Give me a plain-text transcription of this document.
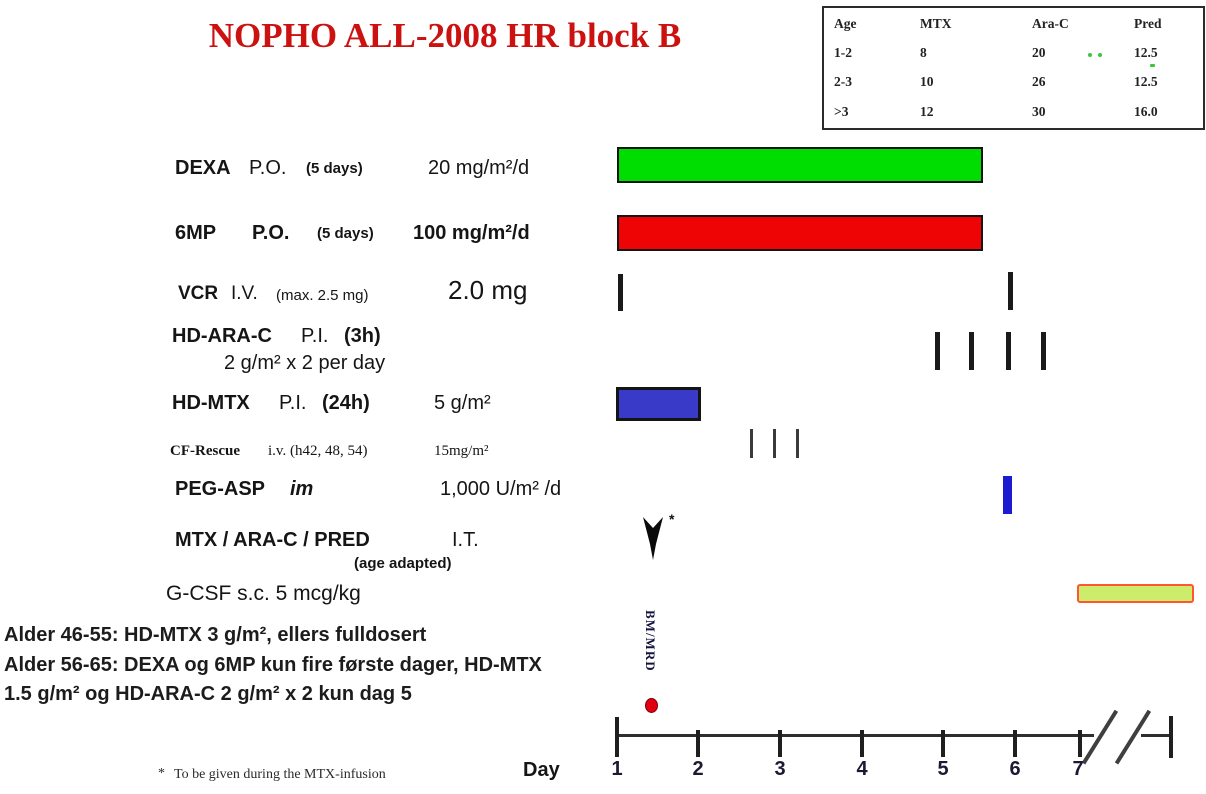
NOPHO ALL-2008 HR block B	Age	MTX	Ara-C	Pred
1-2	8	20	12.5
2-3	10	26	12.5
>3	12	30	16.0
DEXA P.O. (5 days)	20 mg/m²/d
6MP P.O. (5 days) 100 mg/m²/d
VCR I.V. (max. 2.5 mg)	2.0 mg
HD-ARA-C P.I. (3h)
2 g/m² x 2 per day
HD-MTX P.I. (24h)	5 g/m²
CF-Rescue i.v. (h42, 48, 54)	15mg/m²
PEG-ASP im	1,000 U/m² /d
MTX / ARA-C / PRED	I.T.
(age adapted)
*
G-CSF s.c. 5 mcg/kg
Alder 46-55: HD-MTX 3 g/m², ellers fulldosert
Alder 56-65: DEXA og 6MP kun fire første dager, HD-MTX
1.5 g/m² og HD-ARA-C 2 g/m² x 2 kun dag 5
BM/MRD
Day	1	2	3	4	5	6	7
* To be given during the MTX-infusion
